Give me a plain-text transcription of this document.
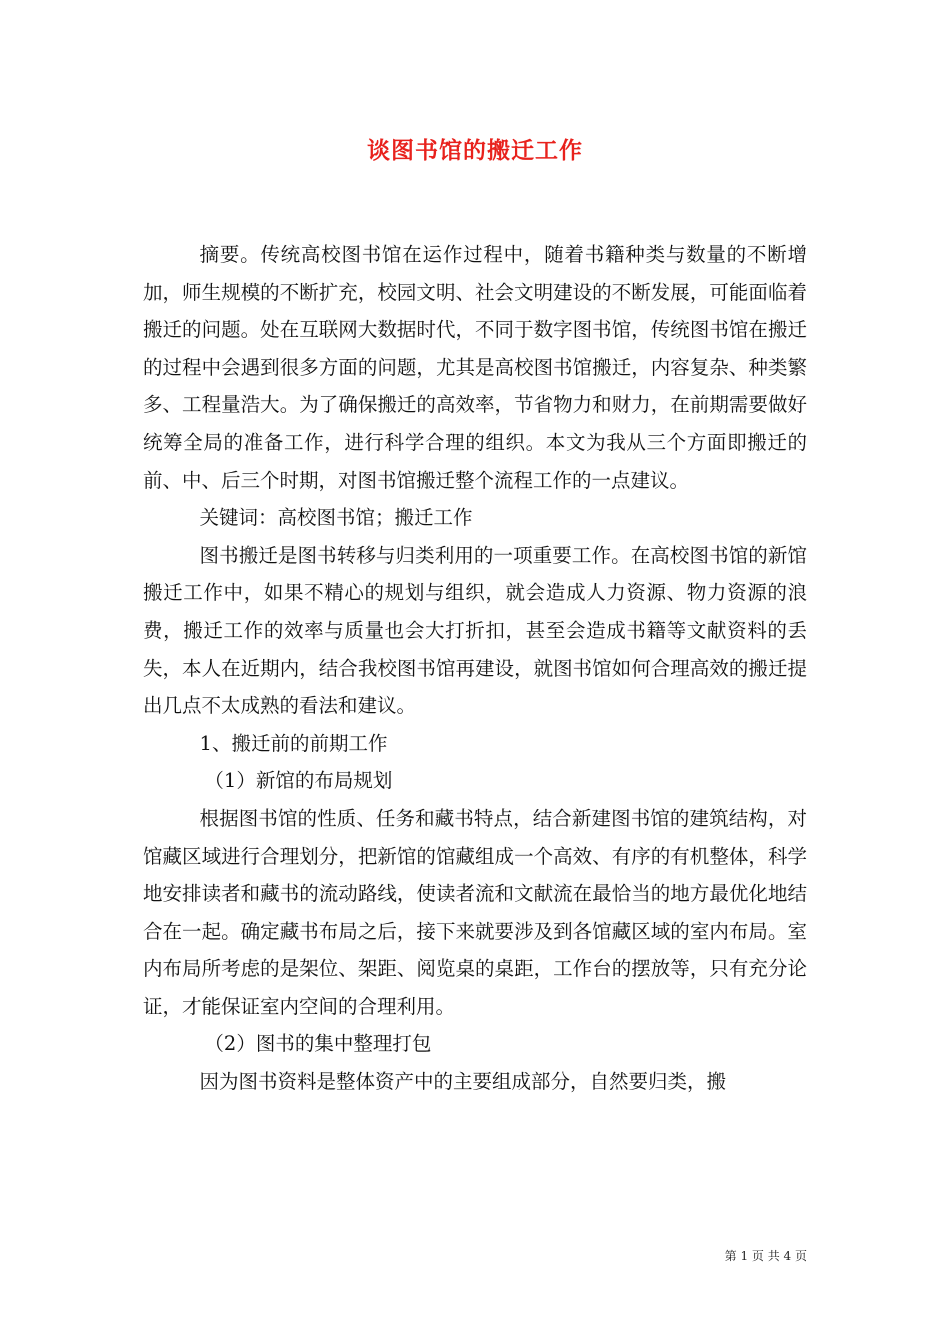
谈图书馆的搬迁工作

摘要。传统高校图书馆在运作过程中，随着书籍种类与数量的不断增加，师生规模的不断扩充，校园文明、社会文明建设的不断发展，可能面临着搬迁的问题。处在互联网大数据时代，不同于数字图书馆，传统图书馆在搬迁的过程中会遇到很多方面的问题，尤其是高校图书馆搬迁，内容复杂、种类繁多、工程量浩大。为了确保搬迁的高效率，节省物力和财力，在前期需要做好统筹全局的准备工作，进行科学合理的组织。本文为我从三个方面即搬迁的前、中、后三个时期，对图书馆搬迁整个流程工作的一点建议。

关键词：高校图书馆；搬迁工作

图书搬迁是图书转移与归类利用的一项重要工作。在高校图书馆的新馆搬迁工作中，如果不精心的规划与组织，就会造成人力资源、物力资源的浪费，搬迁工作的效率与质量也会大打折扣，甚至会造成书籍等文献资料的丢失，本人在近期内，结合我校图书馆再建设，就图书馆如何合理高效的搬迁提出几点不太成熟的看法和建议。

1、搬迁前的前期工作

（1）新馆的布局规划

根据图书馆的性质、任务和藏书特点，结合新建图书馆的建筑结构，对馆藏区域进行合理划分，把新馆的馆藏组成一个高效、有序的有机整体，科学地安排读者和藏书的流动路线，使读者流和文献流在最恰当的地方最优化地结合在一起。确定藏书布局之后，接下来就要涉及到各馆藏区域的室内布局。室内布局所考虑的是架位、架距、阅览桌的桌距，工作台的摆放等，只有充分论证，才能保证室内空间的合理利用。

（2）图书的集中整理打包

因为图书资料是整体资产中的主要组成部分，自然要归类，搬

第 1 页 共 4 页
